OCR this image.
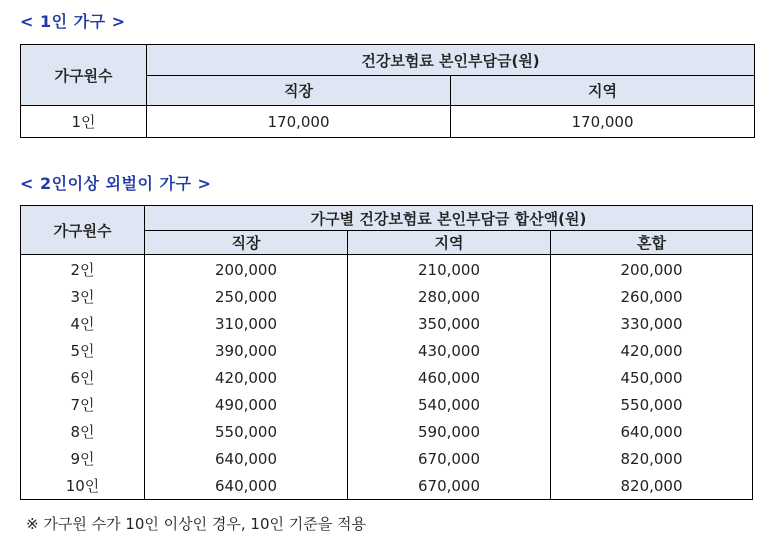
< 1인 가구 >
가구원수	건강보험료 본인부담금(원)	
	직장	지역
1인	170,000	170,000
< 2인이상 외벌이 가구 >
가구원수	가구별 건강보험료 본인부담금 합산액(원)		
	직장	지역	혼합
2인	200,000	210,000	200,000
3인	250,000	280,000	260,000
4인	310,000	350,000	330,000
5인	390,000	430,000	420,000
6인	420,000	460,000	450,000
7인	490,000	540,000	550,000
8인	550,000	590,000	640,000
9인	640,000	670,000	820,000
10인	640,000	670,000	820,000
※ 가구원 수가 10인 이상인 경우, 10인 기준을 적용
